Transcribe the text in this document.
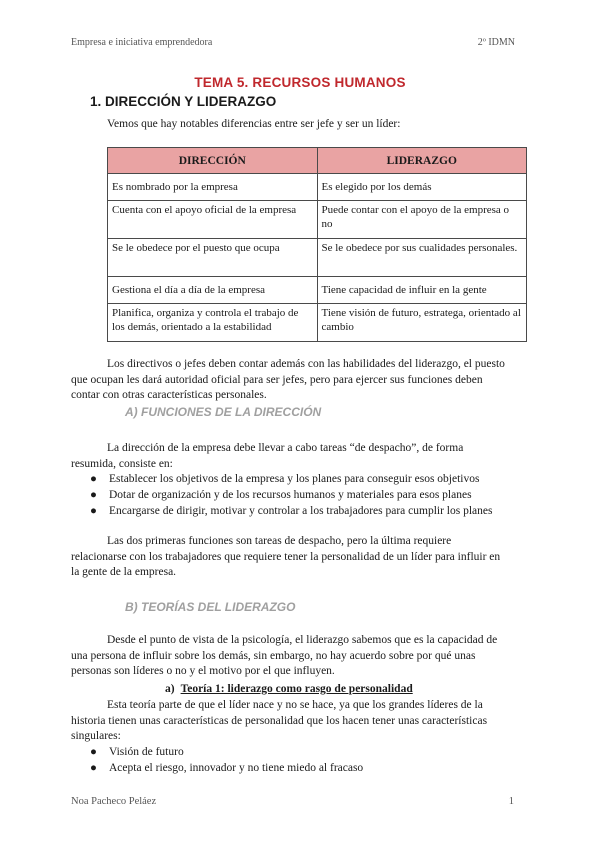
Empresa e iniciativa emprendedora	2º IDMN
TEMA 5. RECURSOS HUMANOS
1. DIRECCIÓN Y LIDERAZGO
Vemos que hay notables diferencias entre ser jefe y ser un líder:
DIRECCIÓN	LIDERAZGO
Es nombrado por la empresa	Es elegido por los demás
Cuenta con el apoyo oficial de la empresa	Puede contar con el apoyo de la empresa o no
Se le obedece por el puesto que ocupa	Se le obedece por sus cualidades personales.
Gestiona el día a día de la empresa	Tiene capacidad de influir en la gente
Planifica, organiza y controla el trabajo de los demás, orientado a la estabilidad	Tiene visión de futuro, estratega, orientado al cambio
Los directivos o jefes deben contar además con las habilidades del liderazgo, el puesto
que ocupan les dará autoridad oficial para ser jefes, pero para ejercer sus funciones deben
contar con otras características personales.
A) FUNCIONES DE LA DIRECCIÓN
La dirección de la empresa debe llevar a cabo tareas “de despacho”, de forma
resumida, consiste en:
● Establecer los objetivos de la empresa y los planes para conseguir esos objetivos
● Dotar de organización y de los recursos humanos y materiales para esos planes
● Encargarse de dirigir, motivar y controlar a los trabajadores para cumplir los planes
Las dos primeras funciones son tareas de despacho, pero la última requiere
relacionarse con los trabajadores que requiere tener la personalidad de un líder para influir en
la gente de la empresa.
B) TEORÍAS DEL LIDERAZGO
Desde el punto de vista de la psicología, el liderazgo sabemos que es la capacidad de
una persona de influir sobre los demás, sin embargo, no hay acuerdo sobre por qué unas
personas son líderes o no y el motivo por el que influyen.
a) Teoría 1: liderazgo como rasgo de personalidad
Esta teoría parte de que el líder nace y no se hace, ya que los grandes líderes de la
historia tienen unas características de personalidad que los hacen tener unas características
singulares:
● Visión de futuro
● Acepta el riesgo, innovador y no tiene miedo al fracaso
Noa Pacheco Peláez	1
